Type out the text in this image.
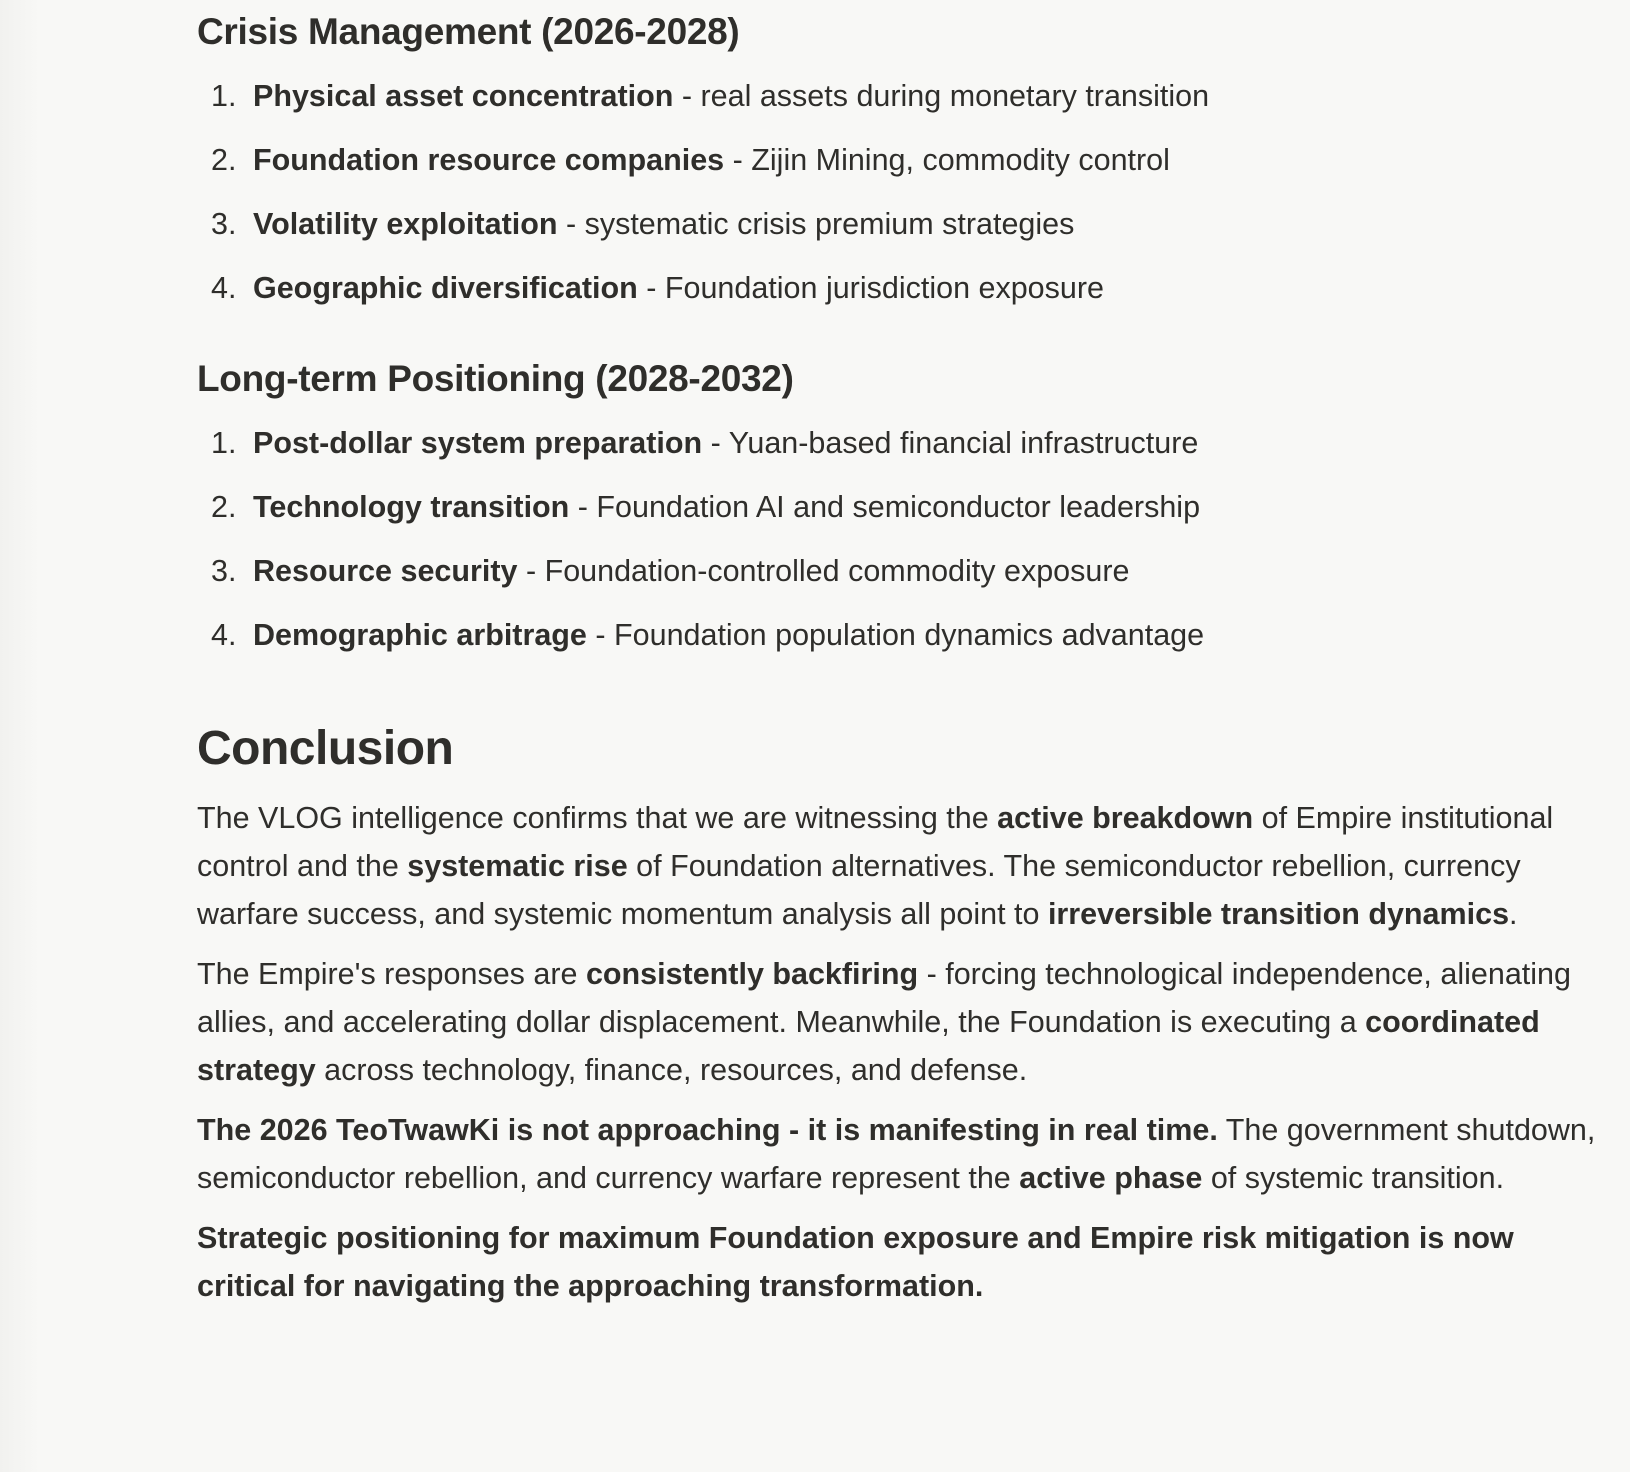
Crisis Management (2026-2028)
1. Physical asset concentration - real assets during monetary transition
2. Foundation resource companies - Zijin Mining, commodity control
3. Volatility exploitation - systematic crisis premium strategies
4. Geographic diversification - Foundation jurisdiction exposure
Long-term Positioning (2028-2032)
1. Post-dollar system preparation - Yuan-based financial infrastructure
2. Technology transition - Foundation AI and semiconductor leadership
3. Resource security - Foundation-controlled commodity exposure
4. Demographic arbitrage - Foundation population dynamics advantage
Conclusion

The VLOG intelligence confirms that we are witnessing the active breakdown of Empire institutional control and the systematic rise of Foundation alternatives. The semiconductor rebellion, currency warfare success, and systemic momentum analysis all point to irreversible transition dynamics.

The Empire's responses are consistently backfiring - forcing technological independence, alienating allies, and accelerating dollar displacement. Meanwhile, the Foundation is executing a coordinated strategy across technology, finance, resources, and defense.

The 2026 TeoTwawKi is not approaching - it is manifesting in real time. The government shutdown, semiconductor rebellion, and currency warfare represent the active phase of systemic transition.

Strategic positioning for maximum Foundation exposure and Empire risk mitigation is now critical for navigating the approaching transformation.
